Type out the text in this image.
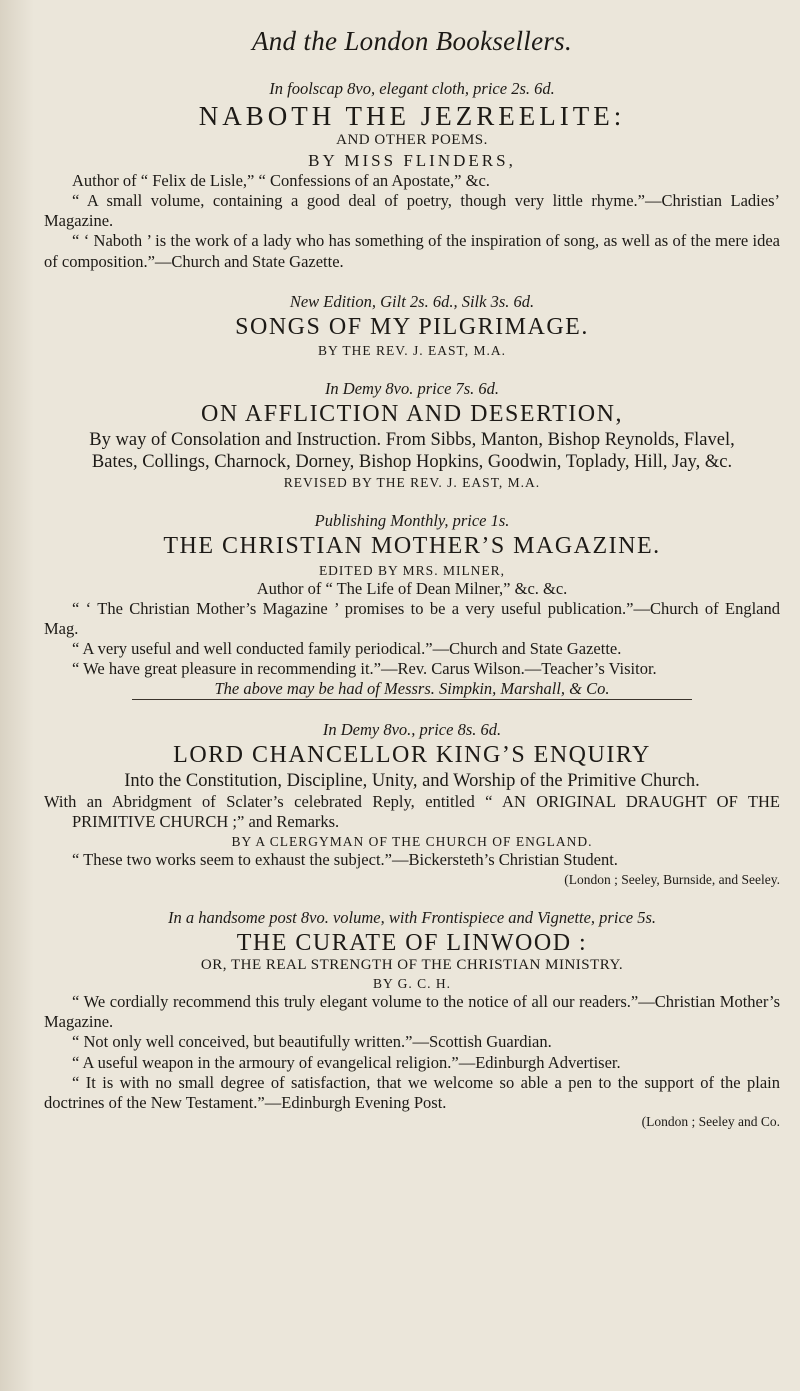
And the London Booksellers.
In foolscap 8vo, elegant cloth, price 2s. 6d.
NABOTH THE JEZREELITE:
AND OTHER POEMS.
BY MISS FLINDERS,

Author of “ Felix de Lisle,” “ Confessions of an Apostate,” &c.

“ A small volume, containing a good deal of poetry, though very little rhyme.”—Christian Ladies’ Magazine.

“ ‘ Naboth ’ is the work of a lady who has something of the inspiration of song, as well as of the mere idea of composition.”—Church and State Gazette.

New Edition, Gilt 2s. 6d., Silk 3s. 6d.
SONGS OF MY PILGRIMAGE.
BY THE REV. J. EAST, M.A.
In Demy 8vo. price 7s. 6d.
ON AFFLICTION AND DESERTION,
By way of Consolation and Instruction. From Sibbs, Manton, Bishop Reynolds, Flavel, Bates, Collings, Charnock, Dorney, Bishop Hopkins, Goodwin, Toplady, Hill, Jay, &c.
REVISED BY THE REV. J. EAST, M.A.
Publishing Monthly, price 1s.
THE CHRISTIAN MOTHER’S MAGAZINE.
EDITED BY MRS. MILNER,
Author of “ The Life of Dean Milner,” &c. &c.

“ ‘ The Christian Mother’s Magazine ’ promises to be a very useful publication.”—Church of England Mag.

“ A very useful and well conducted family periodical.”—Church and State Gazette.

“ We have great pleasure in recommending it.”—Rev. Carus Wilson.—Teacher’s Visitor.

The above may be had of Messrs. Simpkin, Marshall, & Co.
In Demy 8vo., price 8s. 6d.
LORD CHANCELLOR KING’S ENQUIRY
Into the Constitution, Discipline, Unity, and Worship of the Primitive Church.

With an Abridgment of Sclater’s celebrated Reply, entitled “ AN ORIGINAL DRAUGHT OF THE PRIMITIVE CHURCH ;” and Remarks.

BY A CLERGYMAN OF THE CHURCH OF ENGLAND.

“ These two works seem to exhaust the subject.”—Bickersteth’s Christian Student.

(London ; Seeley, Burnside, and Seeley.
In a handsome post 8vo. volume, with Frontispiece and Vignette, price 5s.
THE CURATE OF LINWOOD :
OR, THE REAL STRENGTH OF THE CHRISTIAN MINISTRY.
BY G. C. H.

“ We cordially recommend this truly elegant volume to the notice of all our readers.”—Christian Mother’s Magazine.

“ Not only well conceived, but beautifully written.”—Scottish Guardian.

“ A useful weapon in the armoury of evangelical religion.”—Edinburgh Advertiser.

“ It is with no small degree of satisfaction, that we welcome so able a pen to the support of the plain doctrines of the New Testament.”—Edinburgh Evening Post.

(London ; Seeley and Co.
